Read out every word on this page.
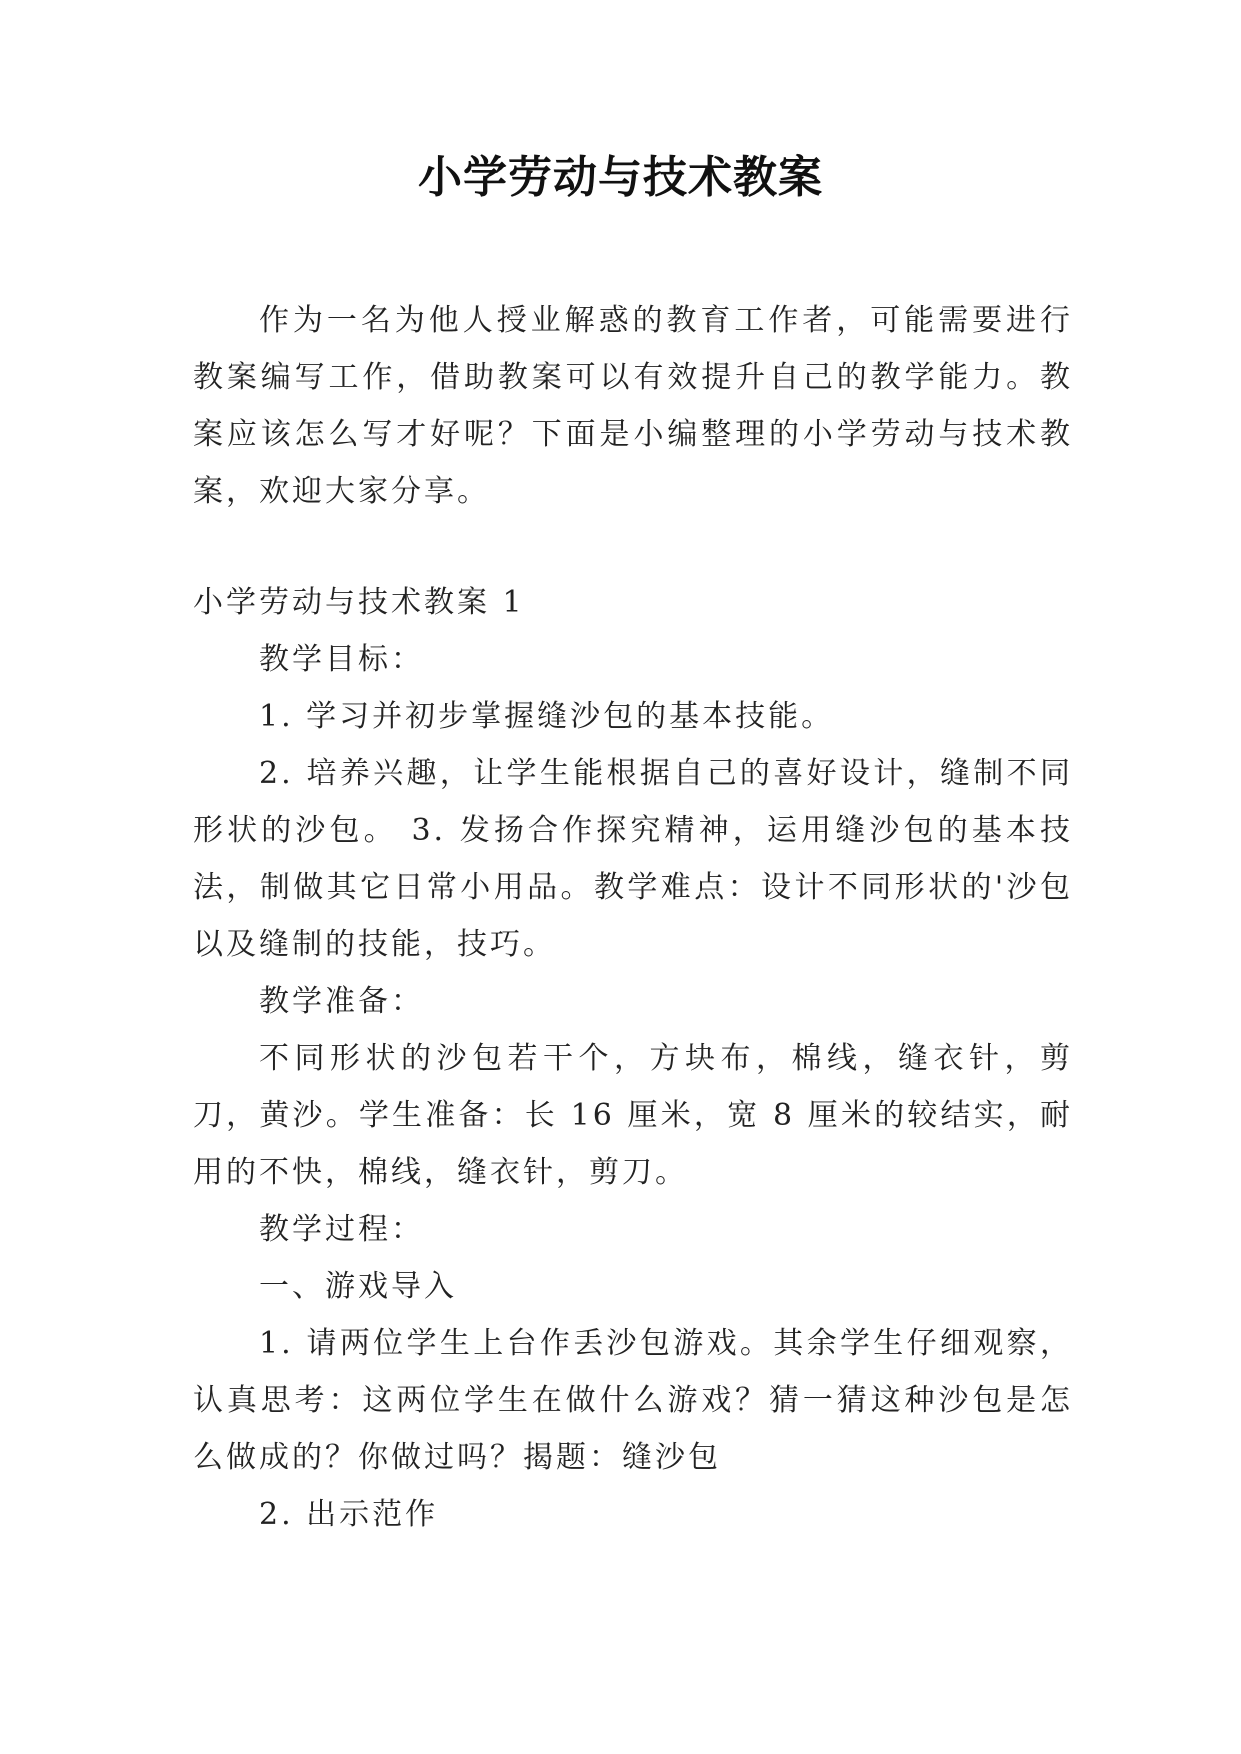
小学劳动与技术教案

作为一名为他人授业解惑的教育工作者，可能需要进行教案编写工作，借助教案可以有效提升自己的教学能力。教案应该怎么写才好呢？下面是小编整理的小学劳动与技术教案，欢迎大家分享。

小学劳动与技术教案 1

教学目标：

1. 学习并初步掌握缝沙包的基本技能。

2. 培养兴趣，让学生能根据自己的喜好设计，缝制不同形状的沙包。 3. 发扬合作探究精神，运用缝沙包的基本技法，制做其它日常小用品。教学难点：设计不同形状的'沙包以及缝制的技能，技巧。

教学准备：

不同形状的沙包若干个，方块布，棉线，缝衣针，剪刀，黄沙。学生准备：长 16 厘米，宽 8 厘米的较结实，耐用的不快，棉线，缝衣针，剪刀。

教学过程：

一、游戏导入

1. 请两位学生上台作丢沙包游戏。其余学生仔细观察，认真思考：这两位学生在做什么游戏？猜一猜这种沙包是怎么做成的？你做过吗？揭题：缝沙包

2. 出示范作
